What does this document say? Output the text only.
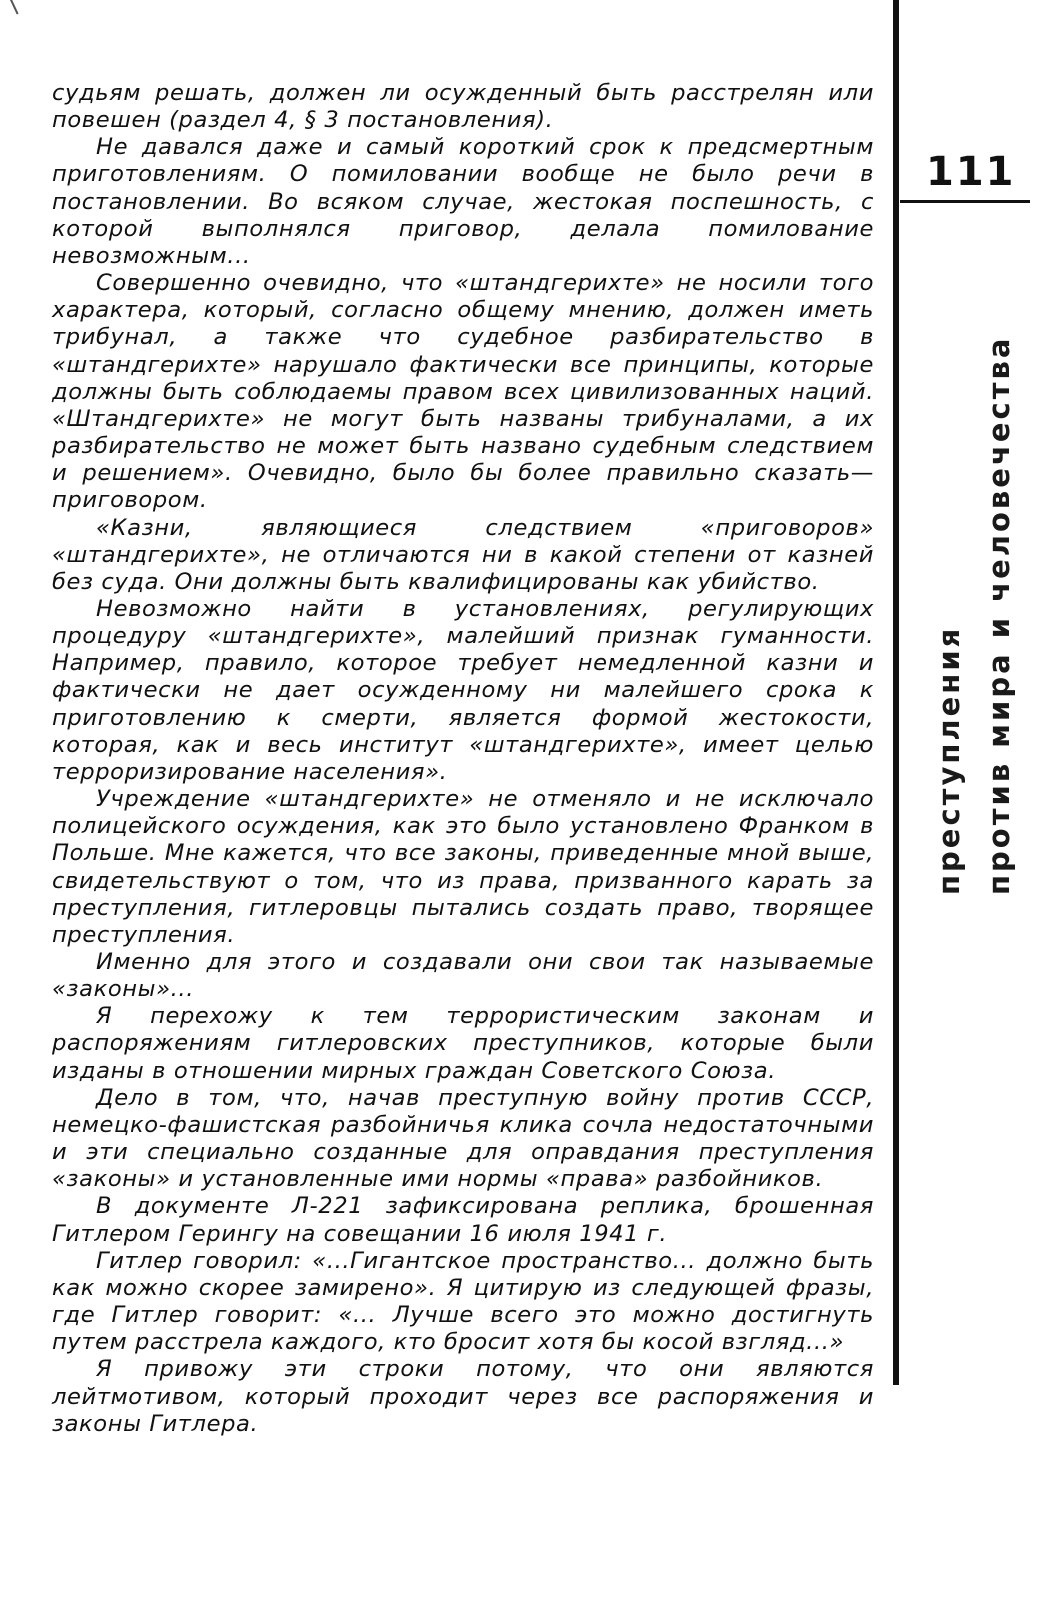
судьям решать, должен ли осужденный быть расстрелян или повешен (раздел 4, § 3 постановления).

Не давался даже и самый короткий срок к предсмертным приготовлениям. О помиловании вообще не было речи в постановлении. Во всяком случае, жестокая поспешность, с которой выполнялся приговор, делала помилование невозможным...

Совершенно очевидно, что «штандгерихте» не носили того характера, который, согласно общему мнению, должен иметь трибунал, а также что судебное разбирательство в «штандгерихте» нарушало фактически все принципы, которые должны быть соблюдаемы правом всех цивилизованных наций. «Штандгерихте» не могут быть названы трибуналами, а их разбирательство не может быть названо судебным следствием и решением». Очевидно, было бы более правильно сказать— приговором.

«Казни, являющиеся следствием «приговоров» «штандгерихте», не отличаются ни в какой степени от казней без суда. Они должны быть квалифицированы как убийство.

Невозможно найти в установлениях, регулирующих процедуру «штандгерихте», малейший признак гуманности. Например, правило, которое требует немедленной казни и фактически не дает осужденному ни малейшего срока к приготовлению к смерти, является формой жестокости, которая, как и весь институт «штандгерихте», имеет целью терроризирование населения».

Учреждение «штандгерихте» не отменяло и не исключало полицейского осуждения, как это было установлено Франком в Польше. Мне кажется, что все законы, приведенные мной выше, свидетельствуют о том, что из права, призванного карать за преступления, гитлеровцы пытались создать право, творящее преступления.

Именно для этого и создавали они свои так называемые «законы»...

Я перехожу к тем террористическим законам и распоряжениям гитлеровских преступников, которые были изданы в отношении мирных граждан Советского Союза.

Дело в том, что, начав преступную войну против СССР, немецко-фашистская разбойничья клика сочла недостаточными и эти специально созданные для оправдания преступления «законы» и установленные ими нормы «права» разбойников.

В документе Л-221 зафиксирована реплика, брошенная Гитлером Герингу на совещании 16 июля 1941 г.

Гитлер говорил: «...Гигантское пространство... должно быть как можно скорее замирено». Я цитирую из следующей фразы, где Гитлер говорит: «... Лучше всего это можно достигнуть путем расстрела каждого, кто бросит хотя бы косой взгляд...»

Я привожу эти строки потому, что они являются лейтмотивом, который проходит через все распоряжения и законы Гитлера.

111
преступления против мира и человечества
